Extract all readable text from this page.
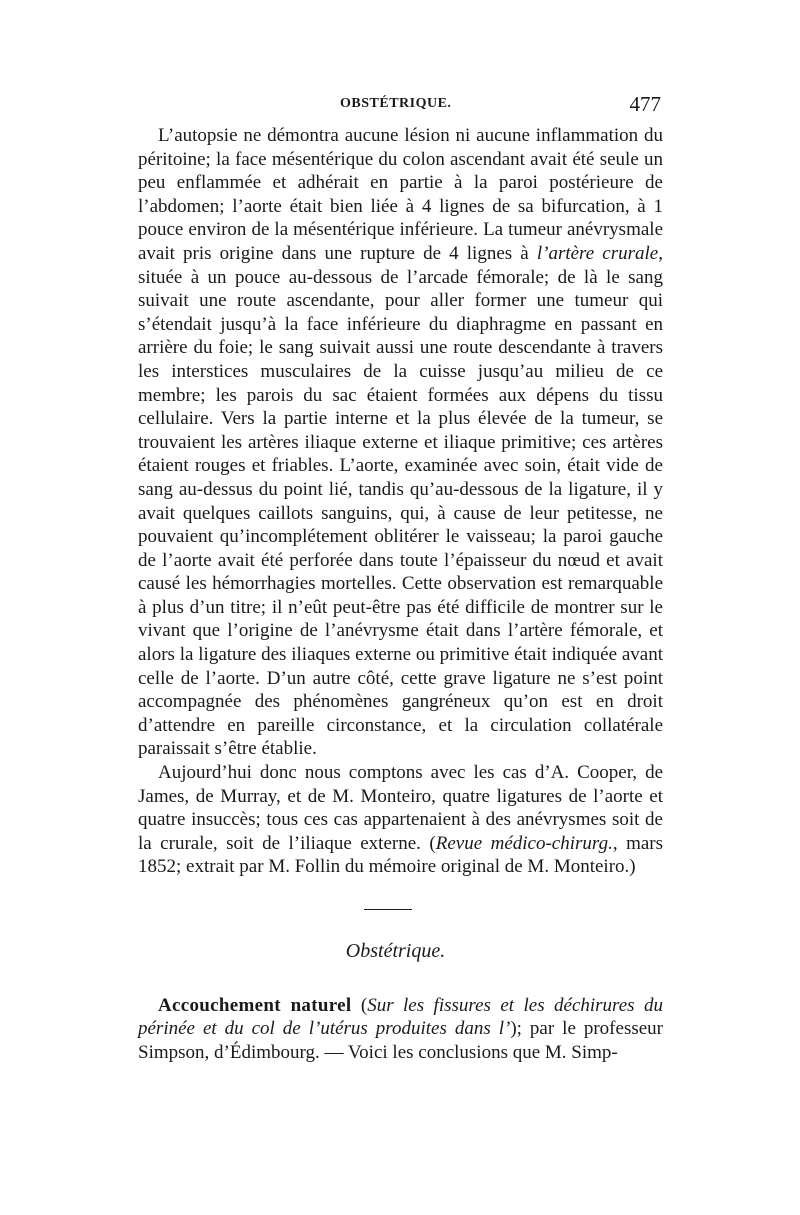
OBSTÉTRIQUE.	477

L’autopsie ne démontra aucune lésion ni aucune inflammation du péritoine; la face mésentérique du colon ascendant avait été seule un peu enflammée et adhérait en partie à la paroi postérieure de l’abdomen; l’aorte était bien liée à 4 lignes de sa bifurcation, à 1 pouce environ de la mésentérique inférieure. La tumeur anévrysmale avait pris origine dans une rupture de 4 lignes à l’artère crurale, située à un pouce au-dessous de l’arcade fémorale; de là le sang suivait une route ascendante, pour aller former une tumeur qui s’étendait jusqu’à la face inférieure du diaphragme en passant en arrière du foie; le sang suivait aussi une route descendante à travers les interstices musculaires de la cuisse jusqu’au milieu de ce membre; les parois du sac étaient formées aux dépens du tissu cellulaire. Vers la partie interne et la plus élevée de la tumeur, se trouvaient les artères iliaque externe et iliaque primitive; ces artères étaient rouges et friables. L’aorte, examinée avec soin, était vide de sang au-dessus du point lié, tandis qu’au-dessous de la ligature, il y avait quelques caillots sanguins, qui, à cause de leur petitesse, ne pouvaient qu’incomplétement oblitérer le vaisseau; la paroi gauche de l’aorte avait été perforée dans toute l’épaisseur du nœud et avait causé les hémorrhagies mortelles. Cette observation est remarquable à plus d’un titre; il n’eût peut-être pas été difficile de montrer sur le vivant que l’origine de l’anévrysme était dans l’artère fémorale, et alors la ligature des iliaques externe ou primitive était indiquée avant celle de l’aorte. D’un autre côté, cette grave ligature ne s’est point accompagnée des phénomènes gangréneux qu’on est en droit d’attendre en pareille circonstance, et la circulation collatérale paraissait s’être établie.

Aujourd’hui donc nous comptons avec les cas d’A. Cooper, de James, de Murray, et de M. Monteiro, quatre ligatures de l’aorte et quatre insuccès; tous ces cas appartenaient à des anévrysmes soit de la crurale, soit de l’iliaque externe. (Revue médico-chirurg., mars 1852; extrait par M. Follin du mémoire original de M. Monteiro.)

Obstétrique.

Accouchement naturel (Sur les fissures et les déchirures du périnée et du col de l’utérus produites dans l’); par le professeur Simpson, d’Édimbourg. — Voici les conclusions que M. Simp-
